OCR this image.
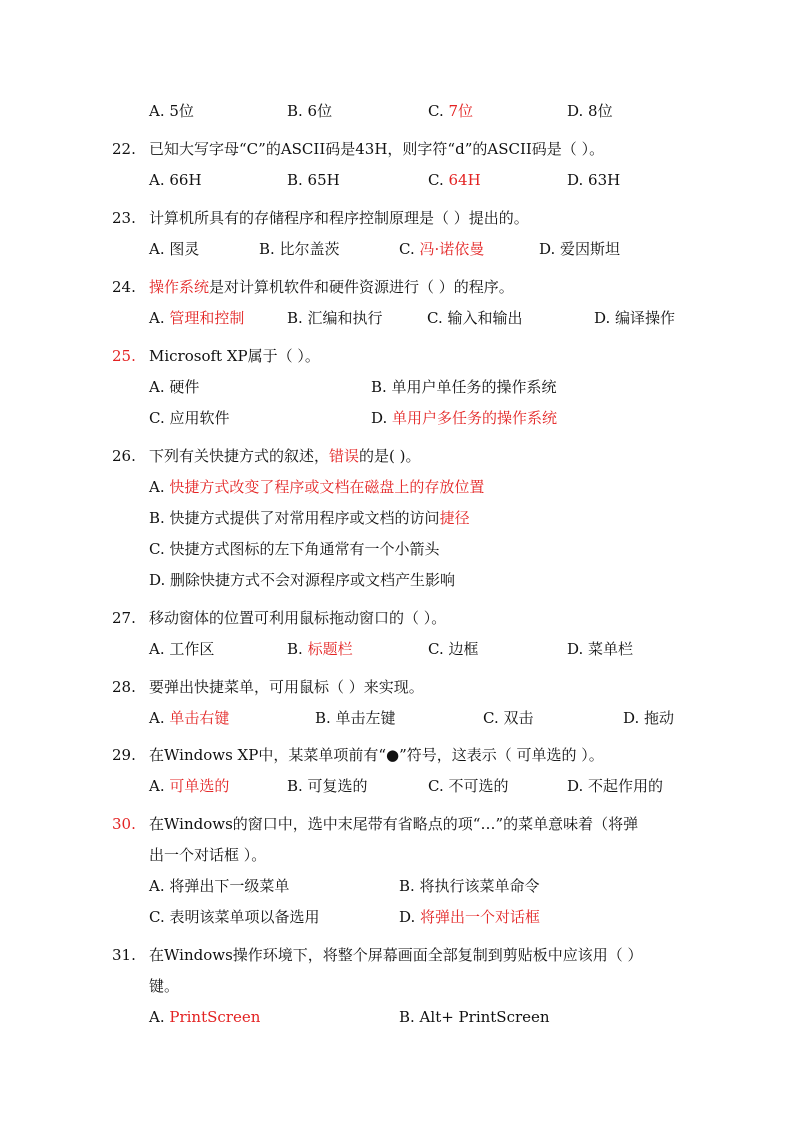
A. 5位	B. 6位	C. 7位	D. 8位
22. 已知大写字母“C”的ASCII码是43H，则字符“d”的ASCII码是（ ）。
A. 66H	B. 65H	C. 64H	D. 63H
23. 计算机所具有的存储程序和程序控制原理是（ ）提出的。
A. 图灵	B. 比尔盖茨	C. 冯·诺依曼	D. 爱因斯坦
24. 操作系统是对计算机软件和硬件资源进行（ ）的程序。
A. 管理和控制	B. 汇编和执行	C. 输入和输出	D. 编译操作
25. Microsoft XP属于（ ）。
A. 硬件	B. 单用户单任务的操作系统
C. 应用软件	D. 单用户多任务的操作系统
26. 下列有关快捷方式的叙述，错误的是( )。
A. 快捷方式改变了程序或文档在磁盘上的存放位置
B. 快捷方式提供了对常用程序或文档的访问捷径
C. 快捷方式图标的左下角通常有一个小箭头
D. 删除快捷方式不会对源程序或文档产生影响
27. 移动窗体的位置可利用鼠标拖动窗口的（ ）。
A. 工作区	B. 标题栏	C. 边框	D. 菜单栏
28. 要弹出快捷菜单，可用鼠标（ ）来实现。
A. 单击右键	B. 单击左键	C. 双击	D. 拖动
29. 在Windows XP中，某菜单项前有“●”符号，这表示（ 可单选的 ）。
A. 可单选的	B. 可复选的	C. 不可选的	D. 不起作用的
30. 在Windows的窗口中，选中末尾带有省略点的项“…”的菜单意味着（将弹
出一个对话框 ）。
A. 将弹出下一级菜单	B. 将执行该菜单命令
C. 表明该菜单项以备选用	D. 将弹出一个对话框
31. 在Windows操作环境下，将整个屏幕画面全部复制到剪贴板中应该用（ ）
键。
A. PrintScreen	B. Alt+ PrintScreen
